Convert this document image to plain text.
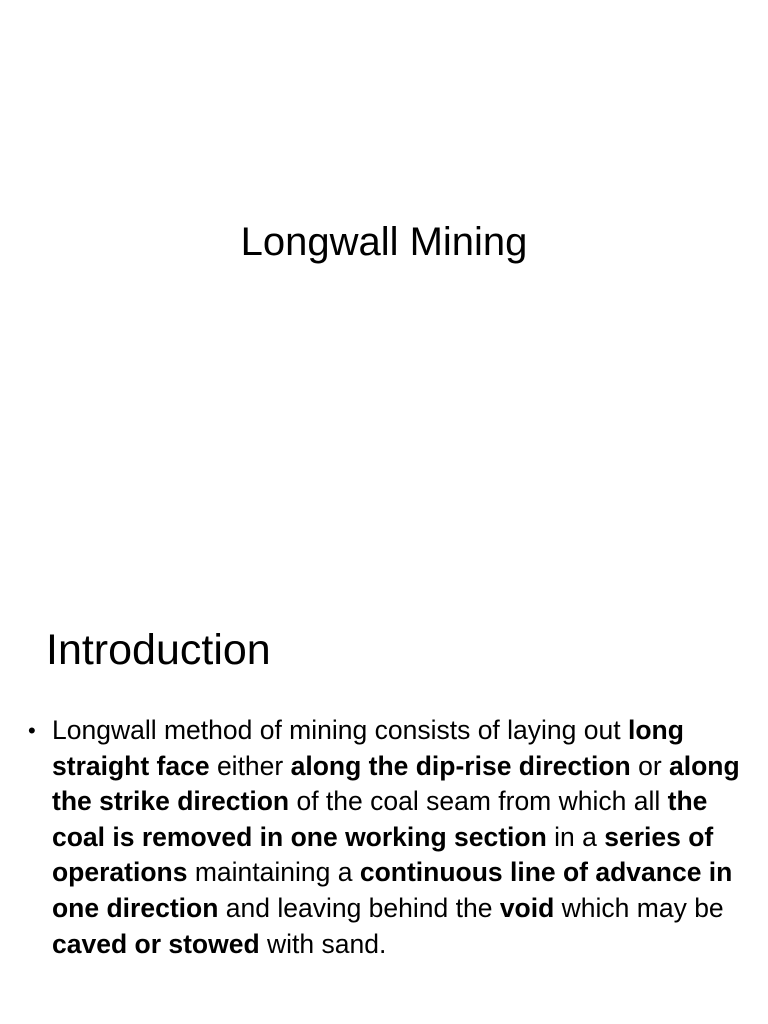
Longwall Mining
Introduction
• Longwall method of mining consists of laying out long straight face either along the dip-rise direction or along the strike direction of the coal seam from which all the coal is removed in one working section in a series of operations maintaining a continuous line of advance in one direction and leaving behind the void which may be caved or stowed with sand.
